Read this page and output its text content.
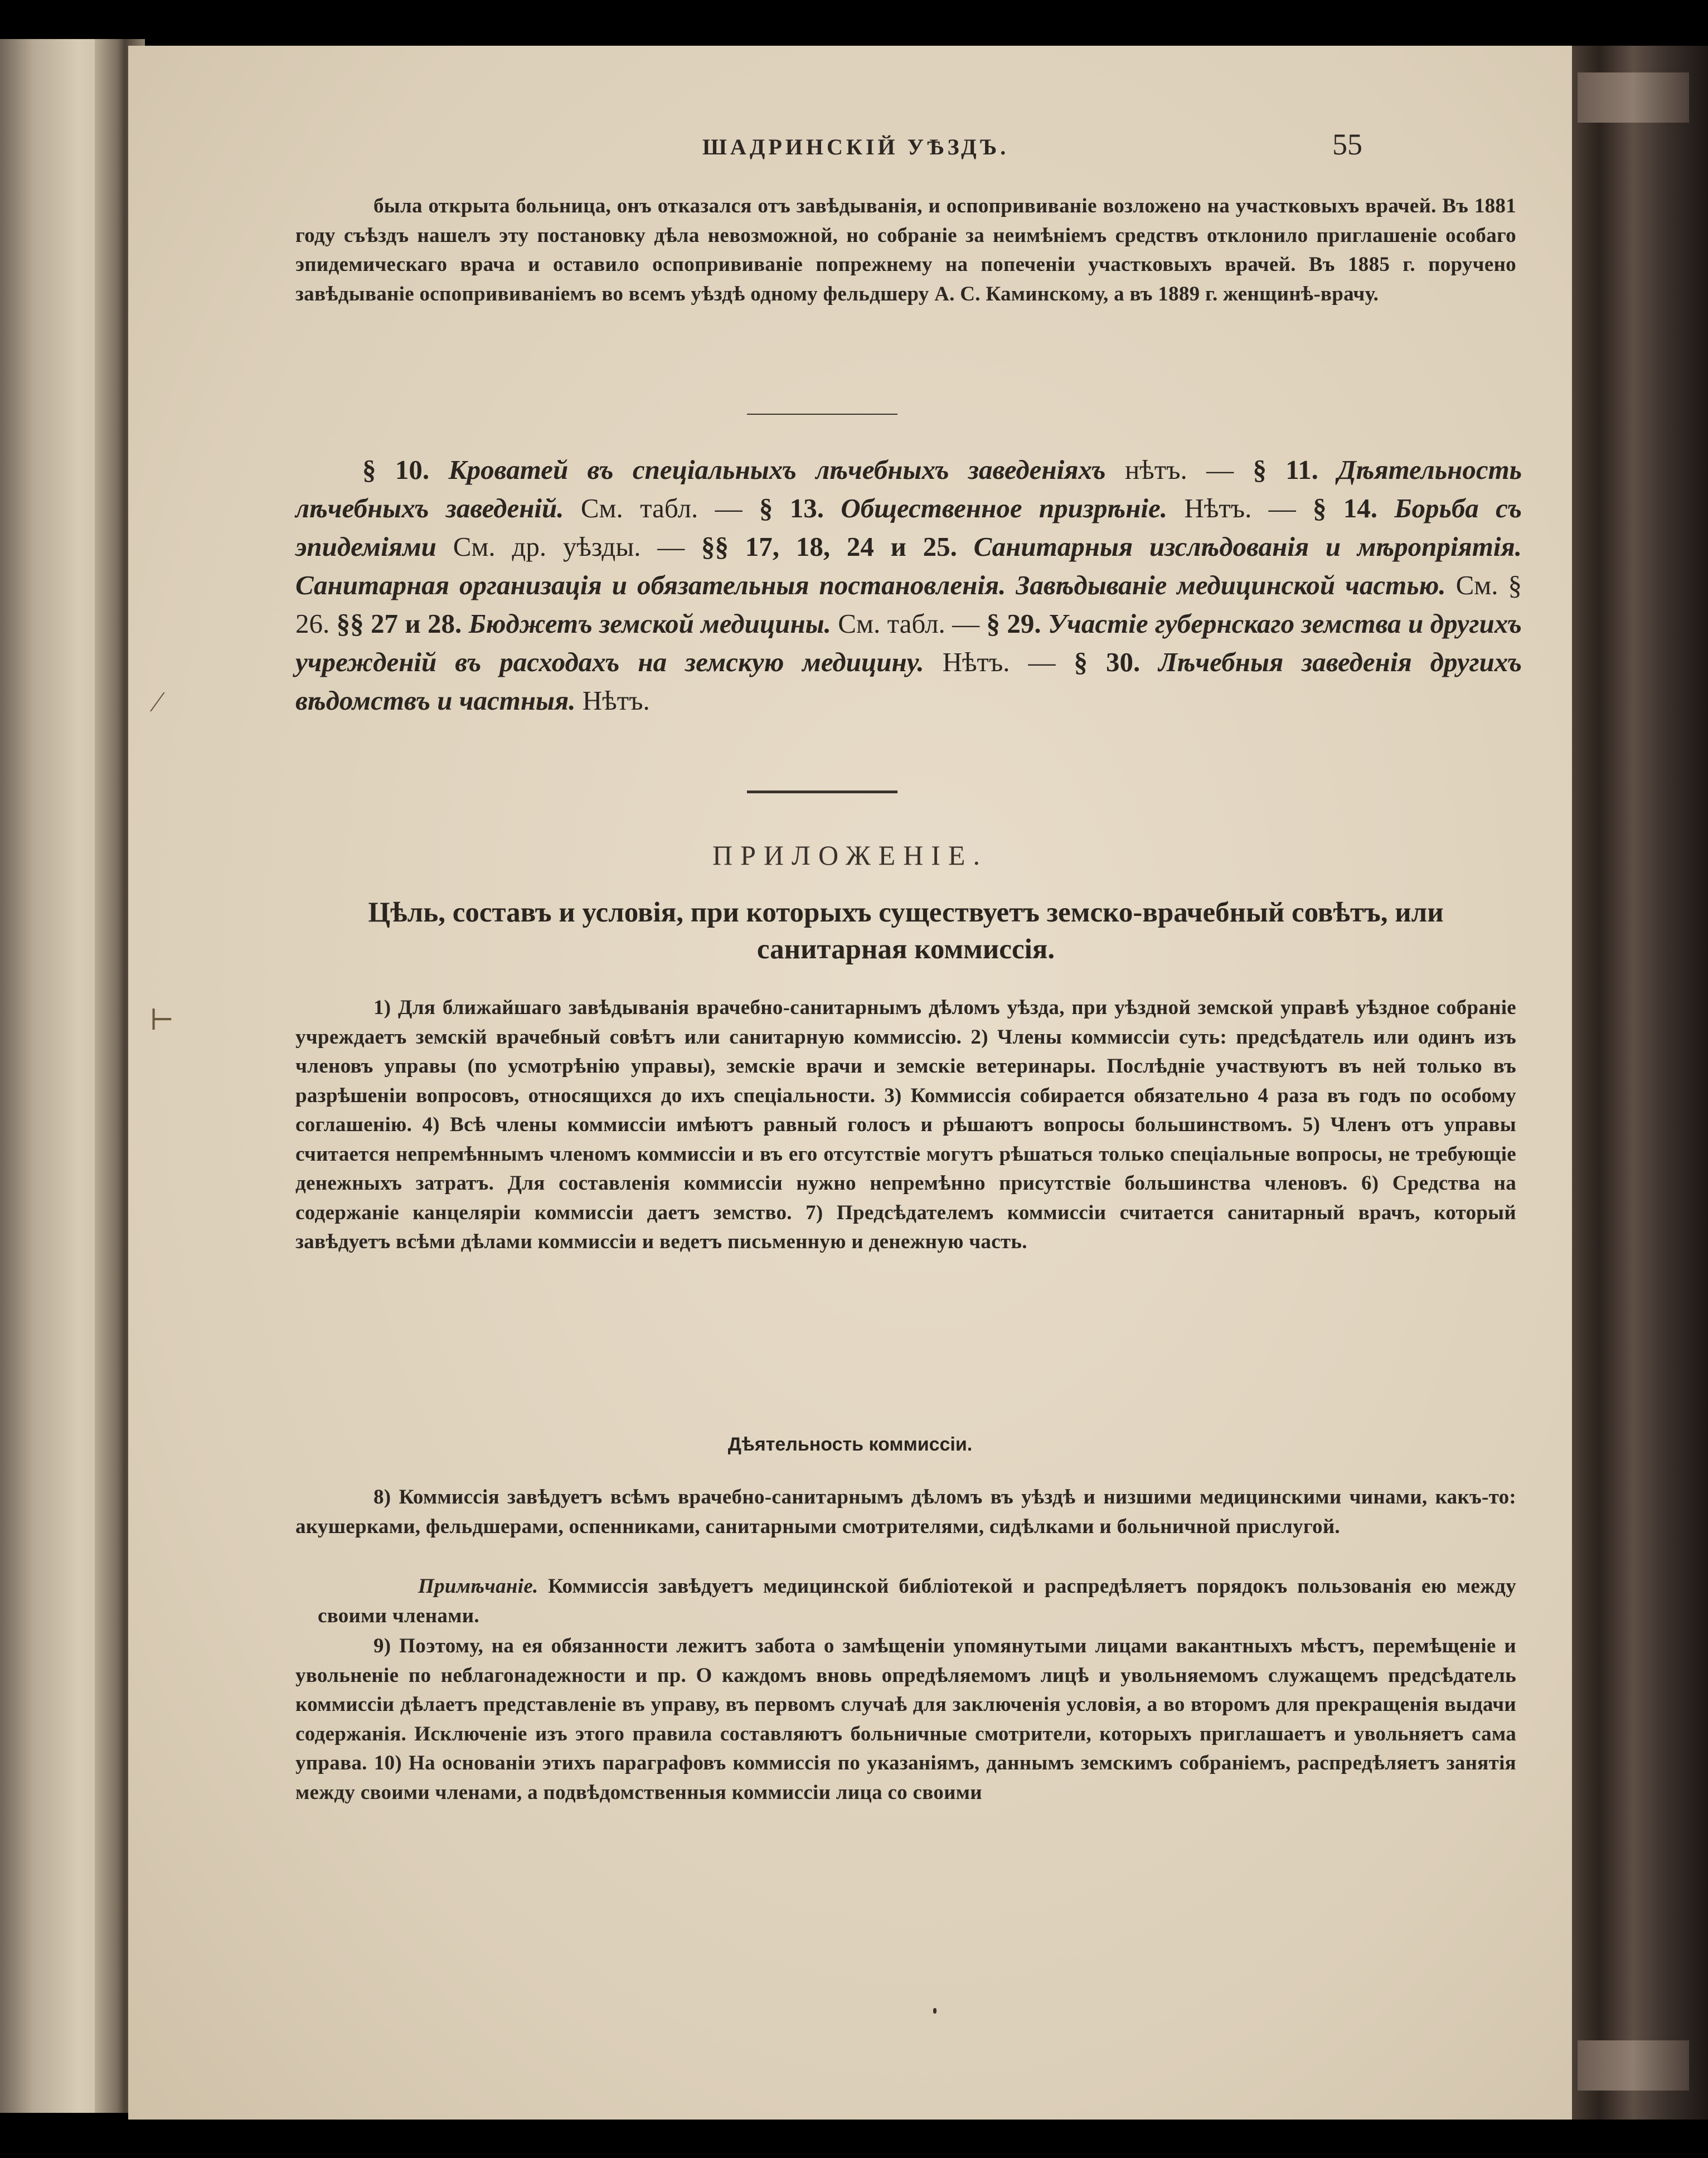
ШАДРИНСКІЙ УѢЗДЪ.	55
была открыта больница, онъ отказался отъ завѣдыванія, и оспопрививаніе возложено на участковыхъ врачей. Въ 1881 году съѣздъ нашелъ эту постановку дѣла невозможной, но собраніе за неимѣніемъ средствъ отклонило приглашеніе особаго эпидемическаго врача и оставило оспопрививаніе попрежнему на попеченіи участковыхъ врачей. Въ 1885 г. поручено завѣдываніе оспопрививаніемъ во всемъ уѣздѣ одному фельдшеру А. С. Каминскому, а въ 1889 г. женщинѣ-врачу.
§ 10. Кроватей въ спеціальныхъ лѣчебныхъ заведеніяхъ нѣтъ. — § 11. Дѣятельность лѣчебныхъ заведеній. См. табл. — § 13. Общественное призрѣніе. Нѣтъ. — § 14. Борьба съ эпидеміями См. др. уѣзды. — §§ 17, 18, 24 и 25. Санитарныя изслѣдованія и мѣропріятія. Санитарная организація и обязательныя постановленія. Завѣдываніе медицинской частью. См. § 26. §§ 27 и 28. Бюджетъ земской медицины. См. табл. — § 29. Участіе губернскаго земства и другихъ учрежденій въ расходахъ на земскую медицину. Нѣтъ. — § 30. Лѣчебныя заведенія другихъ вѣдомствъ и частныя. Нѣтъ.
ПРИЛОЖЕНІЕ.
Цѣль, составъ и условія, при которыхъ существуетъ земско-врачебный совѣтъ, или санитарная коммиссія.
1) Для ближайшаго завѣдыванія врачебно-санитарнымъ дѣломъ уѣзда, при уѣздной земской управѣ уѣздное собраніе учреждаетъ земскій врачебный совѣтъ или санитарную коммиссію. 2) Члены коммиссіи суть: предсѣдатель или одинъ изъ членовъ управы (по усмотрѣнію управы), земскіе врачи и земскіе ветеринары. Послѣдніе участвуютъ въ ней только въ разрѣшеніи вопросовъ, относящихся до ихъ спеціальности. 3) Коммиссія собирается обязательно 4 раза въ годъ по особому соглашенію. 4) Всѣ члены коммиссіи имѣютъ равный голосъ и рѣшаютъ вопросы большинствомъ. 5) Членъ отъ управы считается непремѣннымъ членомъ коммиссіи и въ его отсутствіе могутъ рѣшаться только спеціальные вопросы, не требующіе денежныхъ затратъ. Для составленія коммиссіи нужно непремѣнно присутствіе большинства членовъ. 6) Средства на содержаніе канцеляріи коммиссіи даетъ земство. 7) Предсѣдателемъ коммиссіи считается санитарный врачъ, который завѣдуетъ всѣми дѣлами коммиссіи и ведетъ письменную и денежную часть.
Дѣятельность коммиссіи.
8) Коммиссія завѣдуетъ всѣмъ врачебно-санитарнымъ дѣломъ въ уѣздѣ и низшими медицинскими чинами, какъ-то: акушерками, фельдшерами, оспенниками, санитарными смотрителями, сидѣлками и больничной прислугой.
Примѣчаніе. Коммиссія завѣдуетъ медицинской библіотекой и распредѣляетъ порядокъ пользованія ею между своими членами.
9) Поэтому, на ея обязанности лежитъ забота о замѣщеніи упомянутыми лицами вакантныхъ мѣстъ, перемѣщеніе и увольненіе по неблагонадежности и пр. О каждомъ вновь опредѣляемомъ лицѣ и увольняемомъ служащемъ предсѣдатель коммиссіи дѣлаетъ представленіе въ управу, въ первомъ случаѣ для заключенія условія, а во второмъ для прекращенія выдачи содержанія. Исключеніе изъ этого правила составляютъ больничные смотрители, которыхъ приглашаетъ и увольняетъ сама управа. 10) На основаніи этихъ параграфовъ коммиссія по указаніямъ, даннымъ земскимъ собраніемъ, распредѣляетъ занятія между своими членами, а подвѣдомственныя коммиссіи лица со своими
⁄
⊢
